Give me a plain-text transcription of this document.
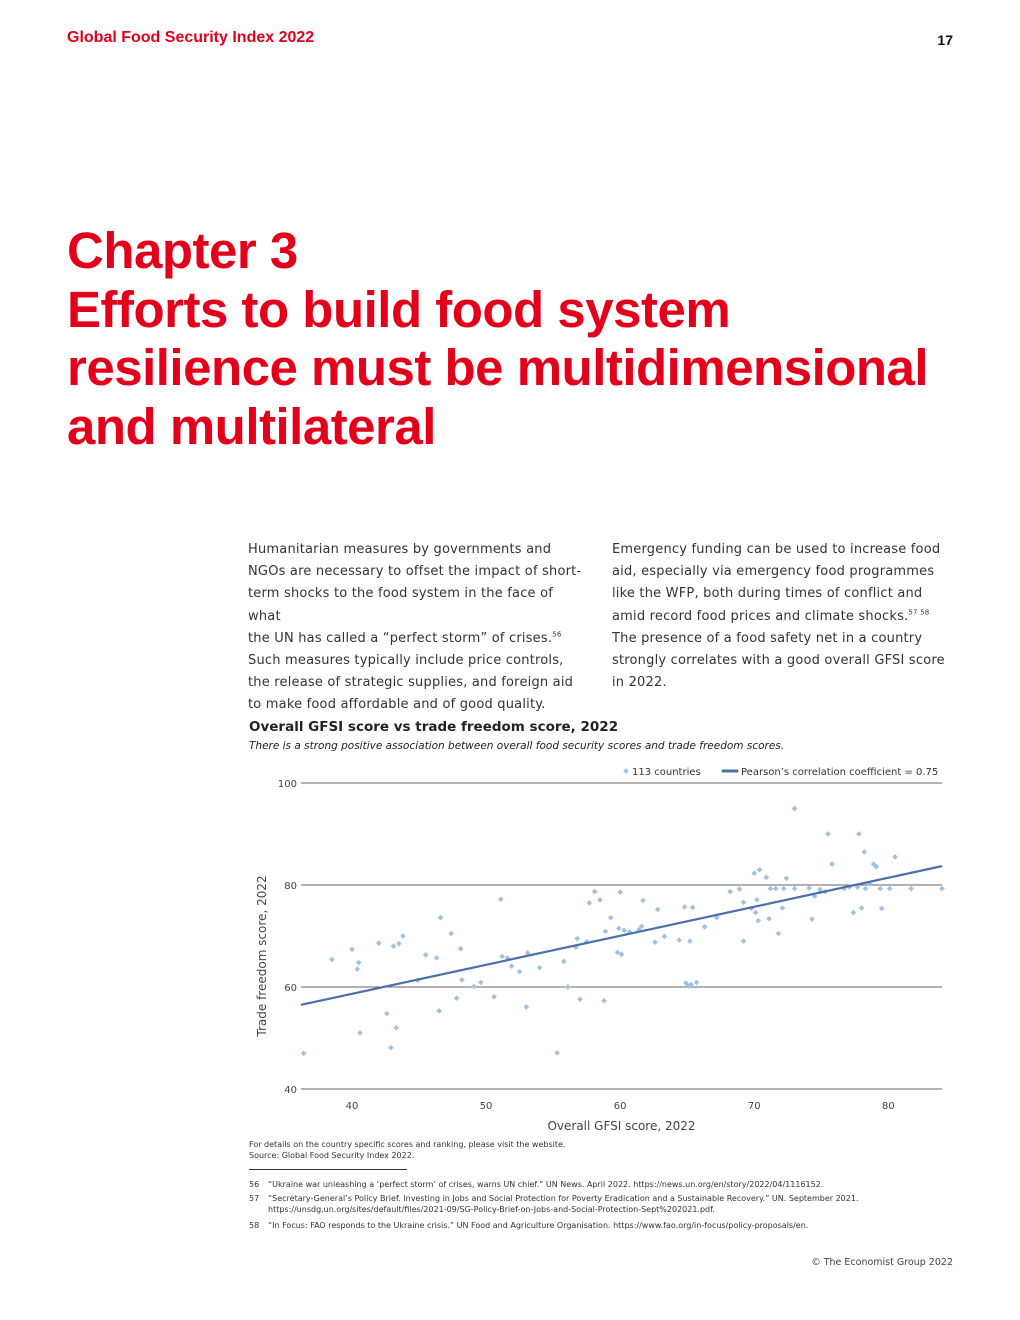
Global Food Security Index 2022	17
Chapter 3
Efforts to build food system
resilience must be multidimensional
and multilateral
Humanitarian measures by governments and
NGOs are necessary to offset the impact of short-
term shocks to the food system in the face of what
the UN has called a “perfect storm” of crises.$^{56}$
Such measures typically include price controls,
the release of strategic supplies, and foreign aid
to make food affordable and of good quality.
Emergency funding can be used to increase food
aid, especially via emergency food programmes
like the WFP, both during times of conflict and
amid record food prices and climate shocks.$^{57 58}$
The presence of a food safety net in a country
strongly correlates with a good overall GFSI score
in 2022.
Overall GFSI score vs trade freedom score, 2022
There is a strong positive association between overall food security scores and trade freedom scores.
40
60
80
100
40	50	60	70	80
Overall GFSI score, 2022
Trade freedom score, 2022
113 countries	Pearson’s correlation coefficient = 0.75
For details on the country specific scores and ranking, please visit the website.
Source: Global Food Security Index 2022.
56 “Ukraine war unleashing a ‘perfect storm’ of crises, warns UN chief.” UN News. April 2022. https://news.un.org/en/story/2022/04/1116152.
57 “Secretary-General’s Policy Brief. Investing in Jobs and Social Protection for Poverty Eradication and a Sustainable Recovery.” UN. September 2021.
https://unsdg.un.org/sites/default/files/2021-09/SG-Policy-Brief-on-Jobs-and-Social-Protection-Sept%202021.pdf.
58 “In Focus: FAO responds to the Ukraine crisis.” UN Food and Agriculture Organisation. https://www.fao.org/in-focus/policy-proposals/en.
© The Economist Group 2022
